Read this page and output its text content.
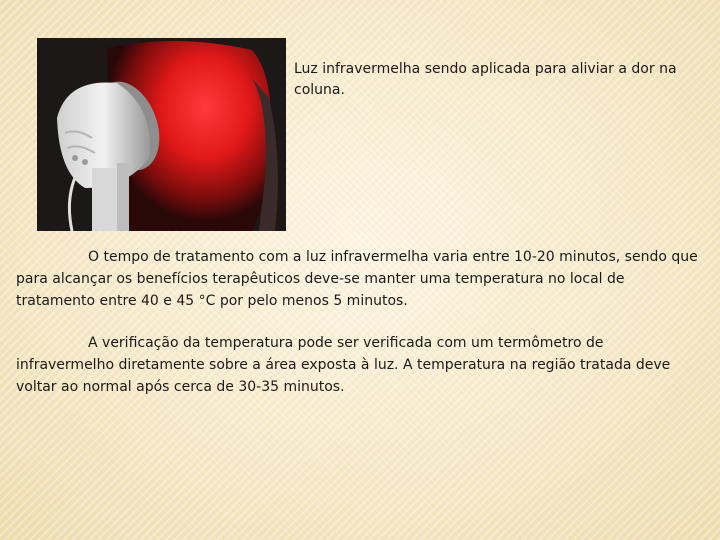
Luz infravermelha sendo aplicada para aliviar a dor na coluna.

O tempo de tratamento com a luz infravermelha varia entre 10-20 minutos, sendo que para alcançar os benefícios terapêuticos deve-se manter uma temperatura no local de tratamento entre 40 e 45 °C por pelo menos 5 minutos.

A verificação da temperatura pode ser verificada com um termômetro de infravermelho diretamente sobre a área exposta à luz. A temperatura na região tratada deve voltar ao normal após cerca de 30-35 minutos.
